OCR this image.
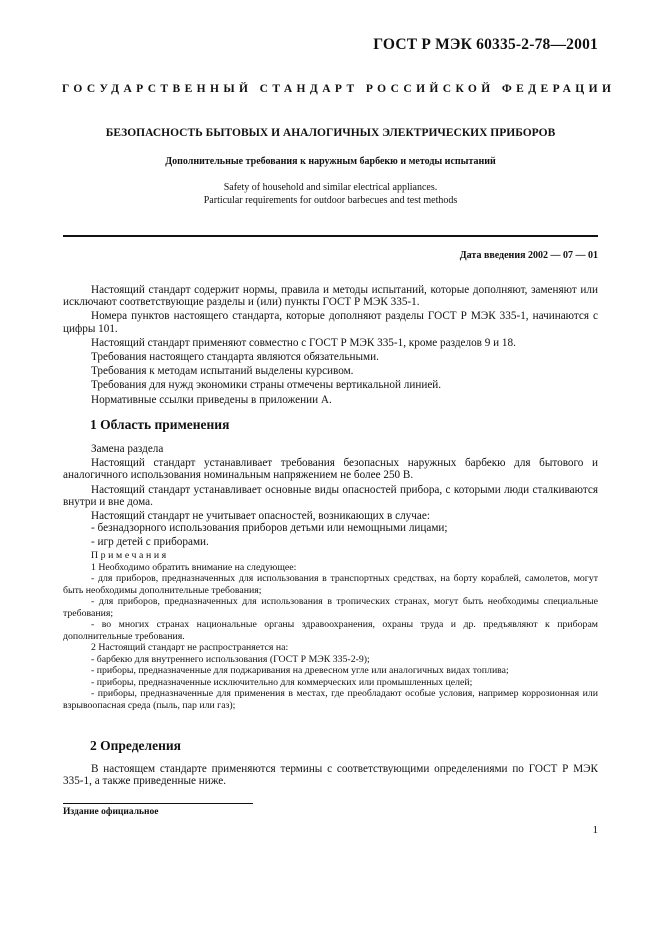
ГОСТ Р МЭК 60335-2-78—2001
ГОСУДАРСТВЕННЫЙ СТАНДАРТ РОССИЙСКОЙ ФЕДЕРАЦИИ
БЕЗОПАСНОСТЬ БЫТОВЫХ И АНАЛОГИЧНЫХ ЭЛЕКТРИЧЕСКИХ ПРИБОРОВ
Дополнительные требования к наружным барбекю и методы испытаний
Safety of household and similar electrical appliances.
Particular requirements for outdoor barbecues and test methods
Дата введения 2002 — 07 — 01

Настоящий стандарт содержит нормы, правила и методы испытаний, которые дополняют, заменяют или исключают соответствующие разделы и (или) пункты ГОСТ Р МЭК 335-1.

Номера пунктов настоящего стандарта, которые дополняют разделы ГОСТ Р МЭК 335-1, начинаются с цифры 101.

Настоящий стандарт применяют совместно с ГОСТ Р МЭК 335-1, кроме разделов 9 и 18.

Требования настоящего стандарта являются обязательными.

Требования к методам испытаний выделены курсивом.

Требования для нужд экономики страны отмечены вертикальной линией.

Нормативные ссылки приведены в приложении А.

1 Область применения

Замена раздела

Настоящий стандарт устанавливает требования безопасных наружных барбекю для бытового и аналогичного использования номинальным напряжением не более 250 В.

Настоящий стандарт устанавливает основные виды опасностей прибора, с которыми люди сталкиваются внутри и вне дома.

Настоящий стандарт не учитывает опасностей, возникающих в случае:

- безнадзорного использования приборов детьми или немощными лицами;

- игр детей с приборами.

Примечания

1 Необходимо обратить внимание на следующее:

- для приборов, предназначенных для использования в транспортных средствах, на борту кораблей, самолетов, могут быть необходимы дополнительные требования;

- для приборов, предназначенных для использования в тропических странах, могут быть необходимы специальные требования;

- во многих странах национальные органы здравоохранения, охраны труда и др. предъявляют к приборам дополнительные требования.

2 Настоящий стандарт не распространяется на:

- барбекю для внутреннего использования (ГОСТ Р МЭК 335-2-9);

- приборы, предназначенные для поджаривания на древесном угле или аналогичных видах топлива;

- приборы, предназначенные исключительно для коммерческих или промышленных целей;

- приборы, предназначенные для применения в местах, где преобладают особые условия, например коррозионная или взрывоопасная среда (пыль, пар или газ);

2 Определения

В настоящем стандарте применяются термины с соответствующими определениями по ГОСТ Р МЭК 335-1, а также приведенные ниже.

Издание официальное
1
